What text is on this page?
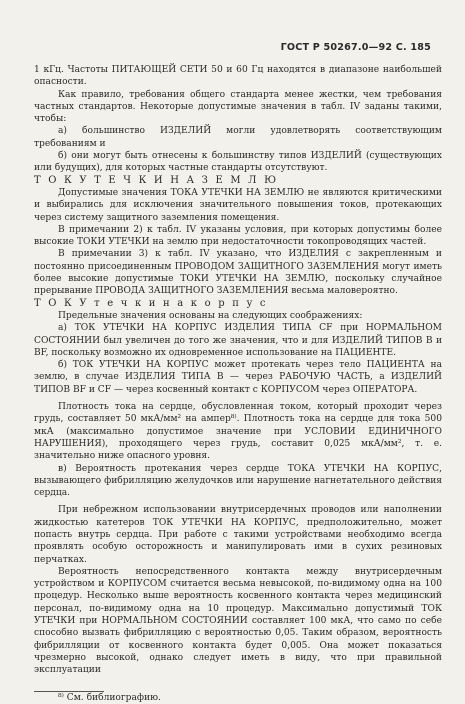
ГОСТ Р 50267.0—92 С. 185

1 кГц. Частоты ПИТАЮЩЕЙ СЕТИ 50 и 60 Гц находятся в диапазоне наибольшей опасности.

Как правило, требования общего стандарта менее жестки, чем требования частных стандартов. Некоторые допустимые значения в табл. IV заданы такими, чтобы:

а) большинство ИЗДЕЛИЙ могли удовлетворять соответствующим требованиям и

б) они могут быть отнесены к большинству типов ИЗДЕЛИЙ (существующих или будущих), для которых частные стандарты отсутствуют.

Т О К У Т Е Ч К И Н А З Е М Л Ю

Допустимые значения ТОКА УТЕЧКИ НА ЗЕМЛЮ не являются критическими и выбирались для исключения значительного повышения токов, протекающих через систему защитного заземления помещения.

В примечании 2) к табл. IV указаны условия, при которых допустимы более высокие ТОКИ УТЕЧКИ на землю при недостаточности токопроводящих частей.

В примечании 3) к табл. IV указано, что ИЗДЕЛИЯ с закрепленным и постоянно присоединенным ПРОВОДОМ ЗАЩИТНОГО ЗАЗЕМЛЕНИЯ могут иметь более высокие допустимые ТОКИ УТЕЧКИ НА ЗЕМЛЮ, поскольку случайное прерывание ПРОВОДА ЗАЩИТНОГО ЗАЗЕМЛЕНИЯ весьма маловероятно.

Т О К У т е ч к и н а к о р п у с

Предельные значения основаны на следующих соображениях:

а) ТОК УТЕЧКИ НА КОРПУС ИЗДЕЛИЯ ТИПА CF при НОРМАЛЬНОМ СОСТОЯНИИ был увеличен до того же значения, что и для ИЗДЕЛИЙ ТИПОВ В и BF, поскольку возможно их одновременное использование на ПАЦИЕНТЕ.

б) ТОК УТЕЧКИ НА КОРПУС может протекать через тело ПАЦИЕНТА на землю, в случае ИЗДЕЛИЯ ТИПА В — через РАБОЧУЮ ЧАСТЬ, а ИЗДЕЛИЙ ТИПОВ BF и CF — через косвенный контакт с КОРПУСОМ через ОПЕРАТОРА.

Плотность тока на сердце, обусловленная током, который проходит через грудь, составляет 50 мкА/мм² на ампер⁸⁾. Плотность тока на сердце для тока 500 мкА (максимально допустимое значение при УСЛОВИИ ЕДИНИЧНОГО НАРУШЕНИЯ), проходящего через грудь, составит 0,025 мкА/мм², т. е. значительно ниже опасного уровня.

в) Вероятность протекания через сердце ТОКА УТЕЧКИ НА КОРПУС, вызывающего фибрилляцию желудочков или нарушение нагнетательного действия сердца.

При небрежном использовании внутрисердечных проводов или наполнении жидкостью катетеров ТОК УТЕЧКИ НА КОРПУС, предположительно, может попасть внутрь сердца. При работе с такими устройствами необходимо всегда проявлять особую осторожность и манипулировать ими в сухих резиновых перчатках.

Вероятность непосредственного контакта между внутрисердечным устройством и КОРПУСОМ считается весьма невысокой, по-видимому одна на 100 процедур. Несколько выше вероятность косвенного контакта через медицинский персонал, по-видимому одна на 10 процедур. Максимально допустимый ТОК УТЕЧКИ при НОРМАЛЬНОМ СОСТОЯНИИ составляет 100 мкА, что само по себе способно вызвать фибрилляцию с вероятностью 0,05. Таким образом, вероятность фибрилляции от косвенного контакта будет 0,005. Она может показаться чрезмерно высокой, однако следует иметь в виду, что при правильной эксплуатации

⁸⁾ См. библиографию.
